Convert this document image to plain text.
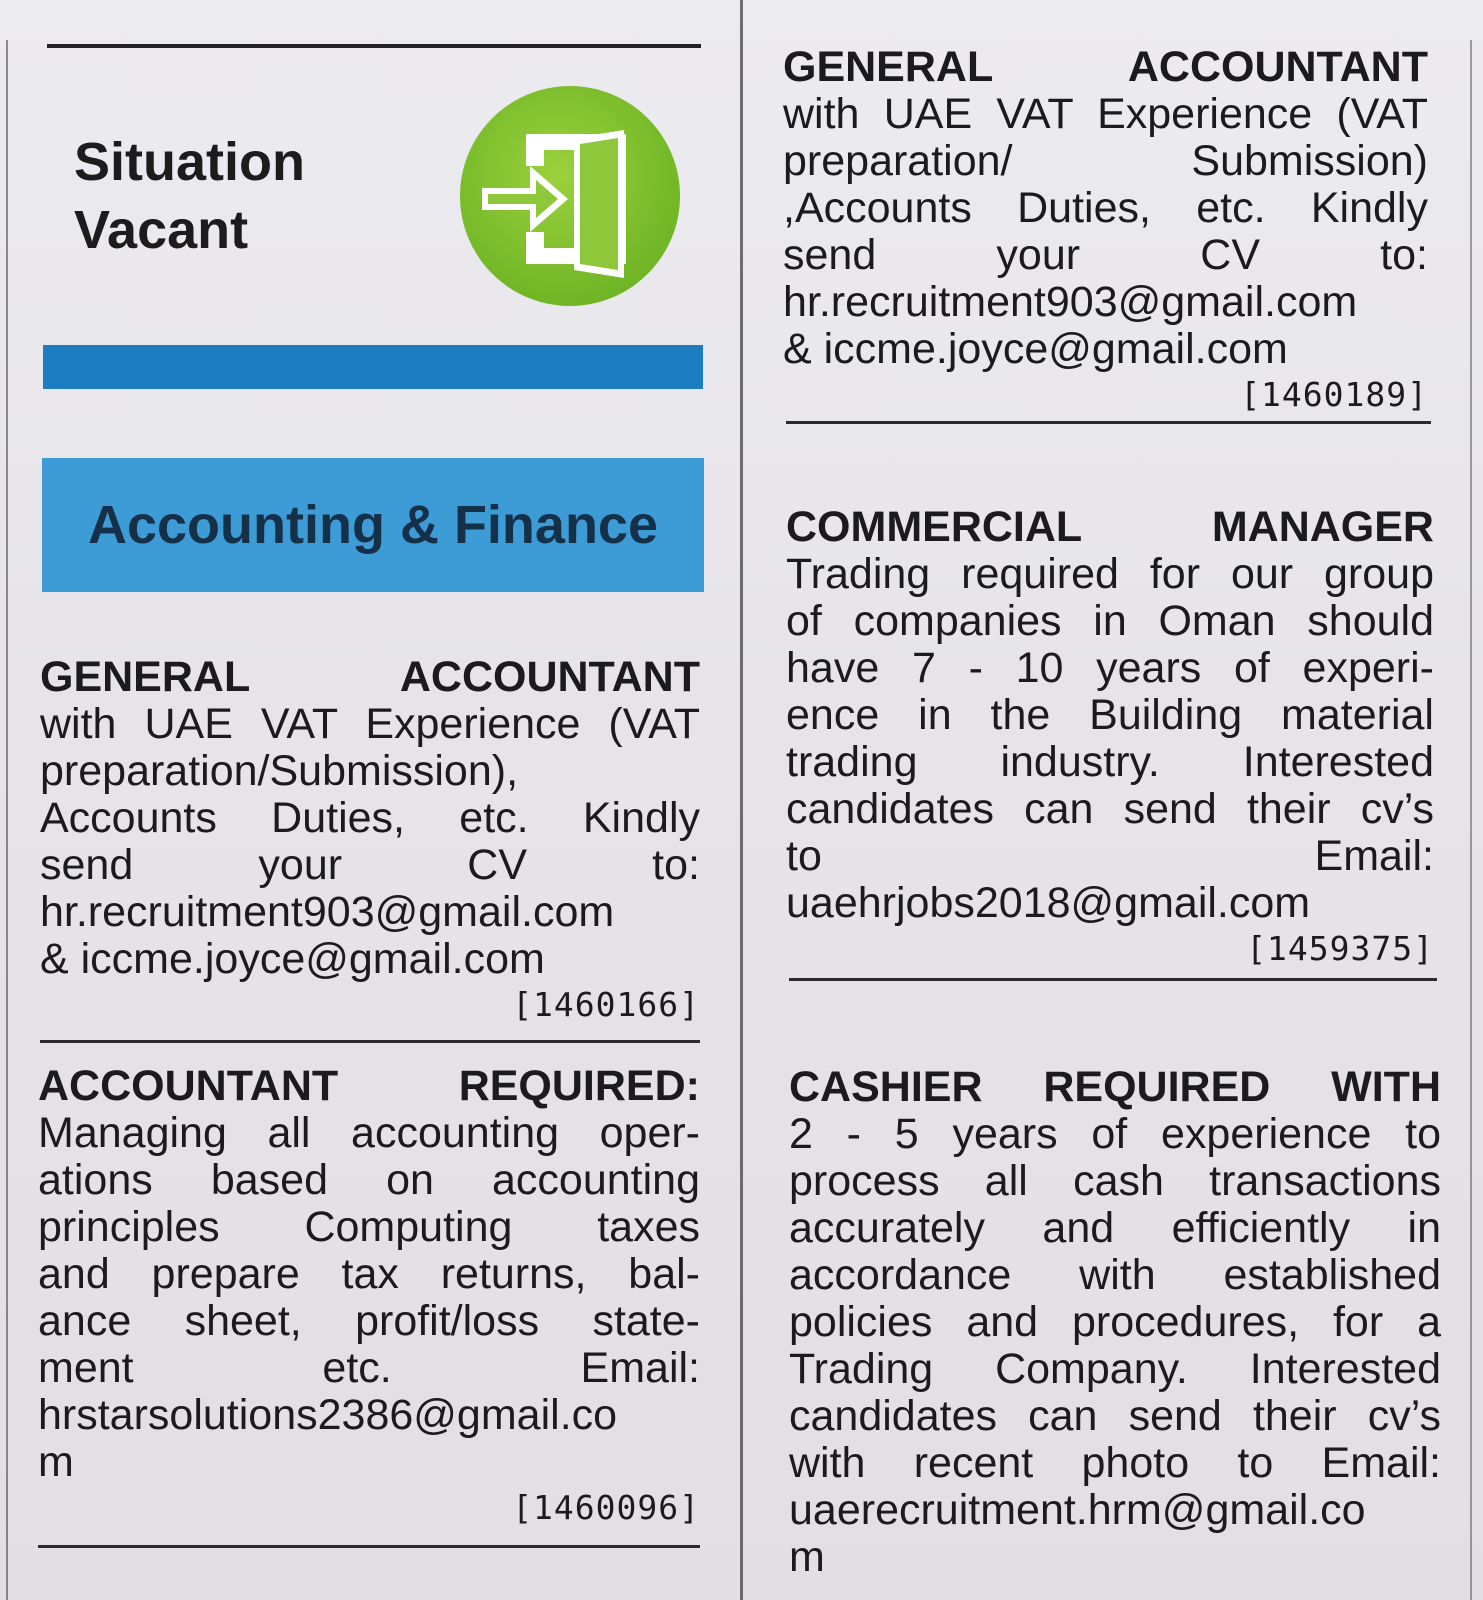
Situation
Vacant
Accounting & Finance
GENERAL ACCOUNTANT
with UAE VAT Experience (VAT
preparation/Submission),
Accounts Duties, etc. Kindly
send your CV to:
hr.recruitment903@gmail.com
& iccme.joyce@gmail.com
[1460166]
ACCOUNTANT REQUIRED:
Managing all accounting oper-
ations based on accounting
principles Computing taxes
and prepare tax returns, bal-
ance sheet, profit/loss state-
ment etc. Email:
hrstarsolutions2386@gmail.co
m
[1460096]
GENERAL ACCOUNTANT
with UAE VAT Experience (VAT
preparation/ Submission)
,Accounts Duties, etc. Kindly
send your CV to:
hr.recruitment903@gmail.com
& iccme.joyce@gmail.com
[1460189]
COMMERCIAL MANAGER
Trading required for our group
of companies in Oman should
have 7 - 10 years of experi-
ence in the Building material
trading industry. Interested
candidates can send their cv’s
to Email:
uaehrjobs2018@gmail.com
[1459375]
CASHIER REQUIRED WITH
2 - 5 years of experience to
process all cash transactions
accurately and efficiently in
accordance with established
policies and procedures, for a
Trading Company. Interested
candidates can send their cv’s
with recent photo to Email:
uaerecruitment.hrm@gmail.co
m
